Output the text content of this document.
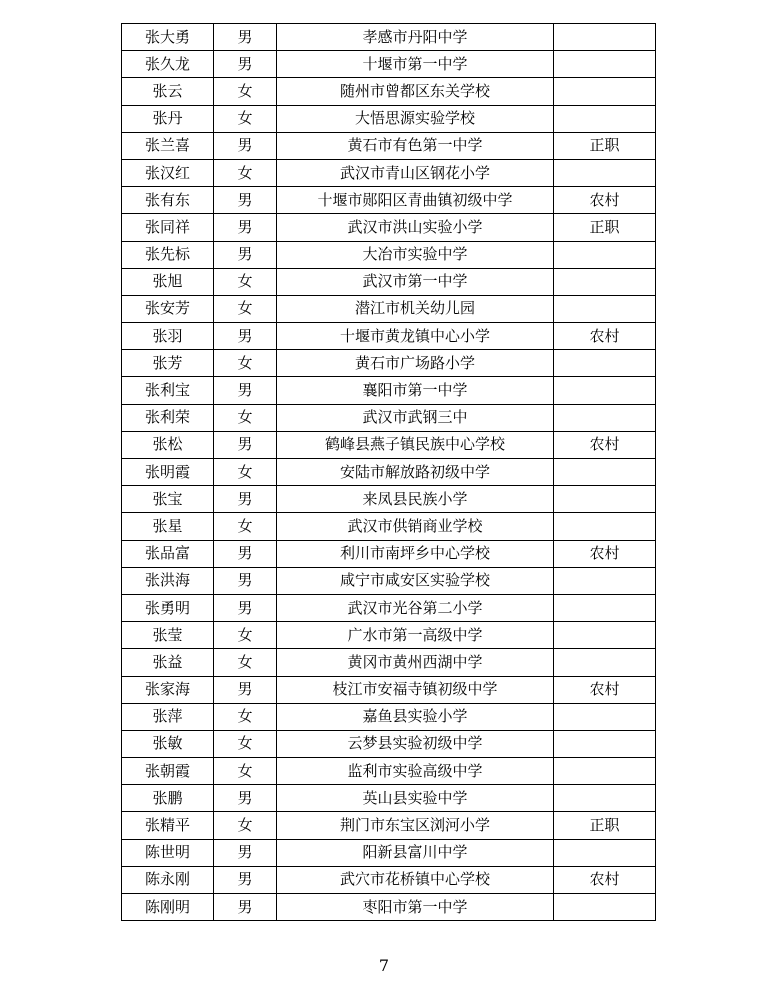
张大勇	男	孝感市丹阳中学	
张久龙	男	十堰市第一中学	
张云	女	随州市曾都区东关学校	
张丹	女	大悟思源实验学校	
张兰喜	男	黄石市有色第一中学	正职
张汉红	女	武汉市青山区钢花小学	
张有东	男	十堰市郧阳区青曲镇初级中学	农村
张同祥	男	武汉市洪山实验小学	正职
张先标	男	大冶市实验中学	
张旭	女	武汉市第一中学	
张安芳	女	潜江市机关幼儿园	
张羽	男	十堰市黄龙镇中心小学	农村
张芳	女	黄石市广场路小学	
张利宝	男	襄阳市第一中学	
张利荣	女	武汉市武钢三中	
张松	男	鹤峰县燕子镇民族中心学校	农村
张明霞	女	安陆市解放路初级中学	
张宝	男	来凤县民族小学	
张星	女	武汉市供销商业学校	
张品富	男	利川市南坪乡中心学校	农村
张洪海	男	咸宁市咸安区实验学校	
张勇明	男	武汉市光谷第二小学	
张莹	女	广水市第一高级中学	
张益	女	黄冈市黄州西湖中学	
张家海	男	枝江市安福寺镇初级中学	农村
张萍	女	嘉鱼县实验小学	
张敏	女	云梦县实验初级中学	
张朝霞	女	监利市实验高级中学	
张鹏	男	英山县实验中学	
张精平	女	荆门市东宝区浏河小学	正职
陈世明	男	阳新县富川中学	
陈永刚	男	武穴市花桥镇中心学校	农村
陈刚明	男	枣阳市第一中学	
7
